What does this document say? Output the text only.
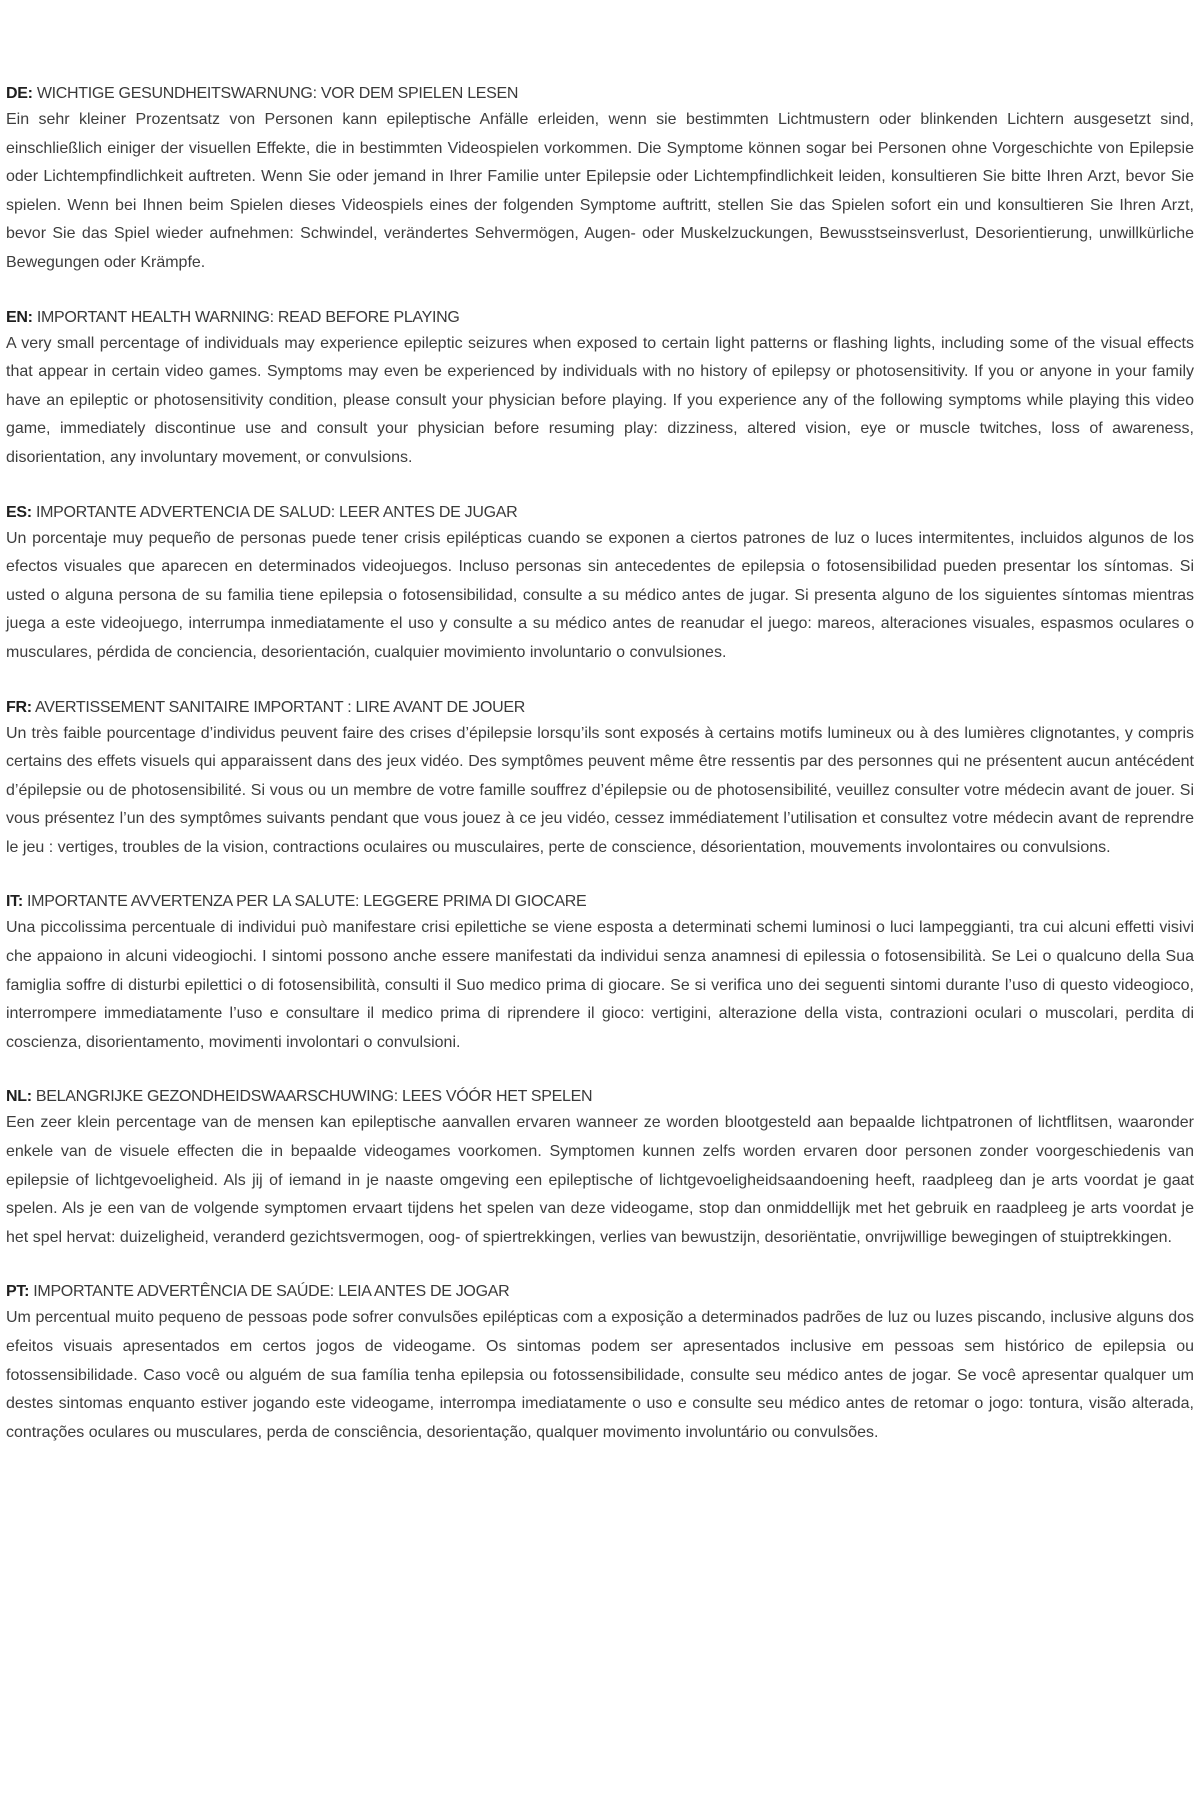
DE: WICHTIGE GESUNDHEITSWARNUNG: VOR DEM SPIELEN LESEN

Ein sehr kleiner Prozentsatz von Personen kann epileptische Anfälle erleiden, wenn sie bestimmten Lichtmustern oder blinkenden Lichtern ausgesetzt sind, einschließlich einiger der visuellen Effekte, die in bestimmten Videospielen vorkommen. Die Symptome können sogar bei Personen ohne Vorgeschichte von Epilepsie oder Lichtempfindlichkeit auftreten. Wenn Sie oder jemand in Ihrer Familie unter Epilepsie oder Lichtempfindlichkeit leiden, konsultieren Sie bitte Ihren Arzt, bevor Sie spielen. Wenn bei Ihnen beim Spielen dieses Videospiels eines der folgenden Symptome auftritt, stellen Sie das Spielen sofort ein und konsultieren Sie Ihren Arzt, bevor Sie das Spiel wieder aufnehmen: Schwindel, verändertes Sehvermögen, Augen- oder Muskelzuckungen, Bewusstseinsverlust, Desorientierung, unwillkürliche Bewegungen oder Krämpfe.

EN: IMPORTANT HEALTH WARNING: READ BEFORE PLAYING

A very small percentage of individuals may experience epileptic seizures when exposed to certain light patterns or flashing lights, including some of the visual effects that appear in certain video games. Symptoms may even be experienced by individuals with no history of epilepsy or photosensitivity. If you or anyone in your family have an epileptic or photosensitivity condition, please consult your physician before playing. If you experience any of the following symptoms while playing this video game, immediately discontinue use and consult your physician before resuming play: dizziness, altered vision, eye or muscle twitches, loss of awareness, disorientation, any involuntary movement, or convulsions.

ES: IMPORTANTE ADVERTENCIA DE SALUD: LEER ANTES DE JUGAR

Un porcentaje muy pequeño de personas puede tener crisis epilépticas cuando se exponen a ciertos patrones de luz o luces intermitentes, incluidos algunos de los efectos visuales que aparecen en determinados videojuegos. Incluso personas sin antecedentes de epilepsia o fotosensibilidad pueden presentar los síntomas. Si usted o alguna persona de su familia tiene epilepsia o fotosensibilidad, consulte a su médico antes de jugar. Si presenta alguno de los siguientes síntomas mientras juega a este videojuego, interrumpa inmediatamente el uso y consulte a su médico antes de reanudar el juego: mareos, alteraciones visuales, espasmos oculares o musculares, pérdida de conciencia, desorientación, cualquier movimiento involuntario o convulsiones.

FR: AVERTISSEMENT SANITAIRE IMPORTANT : LIRE AVANT DE JOUER

Un très faible pourcentage d’individus peuvent faire des crises d’épilepsie lorsqu’ils sont exposés à certains motifs lumineux ou à des lumières clignotantes, y compris certains des effets visuels qui apparaissent dans des jeux vidéo. Des symptômes peuvent même être ressentis par des personnes qui ne présentent aucun antécédent d’épilepsie ou de photosensibilité. Si vous ou un membre de votre famille souffrez d’épilepsie ou de photosensibilité, veuillez consulter votre médecin avant de jouer. Si vous présentez l’un des symptômes suivants pendant que vous jouez à ce jeu vidéo, cessez immédiatement l’utilisation et consultez votre médecin avant de reprendre le jeu : vertiges, troubles de la vision, contractions oculaires ou musculaires, perte de conscience, désorientation, mouvements involontaires ou convulsions.

IT: IMPORTANTE AVVERTENZA PER LA SALUTE: LEGGERE PRIMA DI GIOCARE

Una piccolissima percentuale di individui può manifestare crisi epilettiche se viene esposta a determinati schemi luminosi o luci lampeggianti, tra cui alcuni effetti visivi che appaiono in alcuni videogiochi. I sintomi possono anche essere manifestati da individui senza anamnesi di epilessia o fotosensibilità. Se Lei o qualcuno della Sua famiglia soffre di disturbi epilettici o di fotosensibilità, consulti il Suo medico prima di giocare. Se si verifica uno dei seguenti sintomi durante l’uso di questo videogioco, interrompere immediatamente l’uso e consultare il medico prima di riprendere il gioco: vertigini, alterazione della vista, contrazioni oculari o muscolari, perdita di coscienza, disorientamento, movimenti involontari o convulsioni.

NL: BELANGRIJKE GEZONDHEIDSWAARSCHUWING: LEES VÓÓR HET SPELEN

Een zeer klein percentage van de mensen kan epileptische aanvallen ervaren wanneer ze worden blootgesteld aan bepaalde lichtpatronen of lichtflitsen, waaronder enkele van de visuele effecten die in bepaalde videogames voorkomen. Symptomen kunnen zelfs worden ervaren door personen zonder voorgeschiedenis van epilepsie of lichtgevoeligheid. Als jij of iemand in je naaste omgeving een epileptische of lichtgevoeligheidsaandoening heeft, raadpleeg dan je arts voordat je gaat spelen. Als je een van de volgende symptomen ervaart tijdens het spelen van deze videogame, stop dan onmiddellijk met het gebruik en raadpleeg je arts voordat je het spel hervat: duizeligheid, veranderd gezichtsvermogen, oog- of spiertrekkingen, verlies van bewustzijn, desoriëntatie, onvrijwillige bewegingen of stuiptrekkingen.

PT: IMPORTANTE ADVERTÊNCIA DE SAÚDE: LEIA ANTES DE JOGAR

Um percentual muito pequeno de pessoas pode sofrer convulsões epilépticas com a exposição a determinados padrões de luz ou luzes piscando, inclusive alguns dos efeitos visuais apresentados em certos jogos de videogame. Os sintomas podem ser apresentados inclusive em pessoas sem histórico de epilepsia ou fotossensibilidade. Caso você ou alguém de sua família tenha epilepsia ou fotossensibilidade, consulte seu médico antes de jogar. Se você apresentar qualquer um destes sintomas enquanto estiver jogando este videogame, interrompa imediatamente o uso e consulte seu médico antes de retomar o jogo: tontura, visão alterada, contrações oculares ou musculares, perda de consciência, desorientação, qualquer movimento involuntário ou convulsões.
